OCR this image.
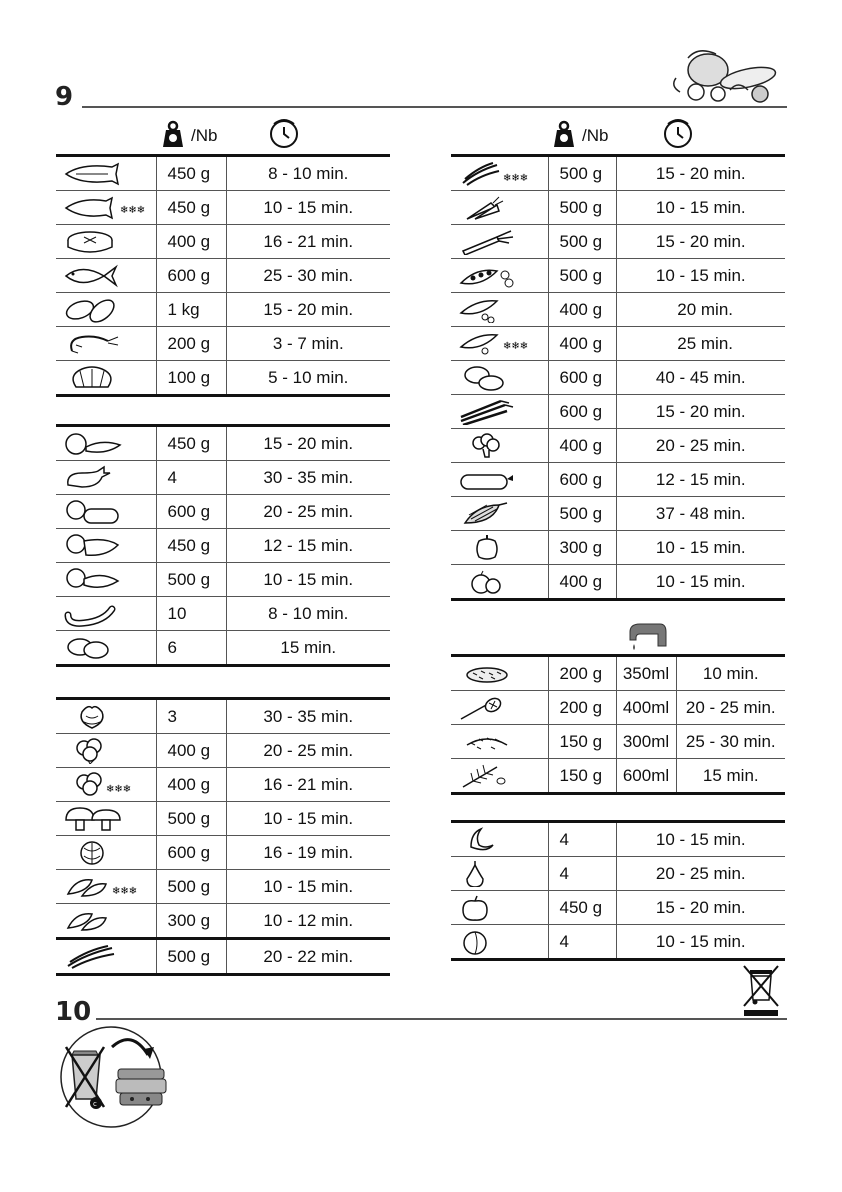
9
/Nb
	450 g	8 - 10 min.

❄❄❄	450 g	10 - 15 min.

	400 g	16 - 21 min.

	600 g	25 - 30 min.

	1 kg	15 - 20 min.

	200 g	3 - 7 min.

	100 g	5 - 10 min.
	450 g	15 - 20 min.

	4	30 - 35 min.

	600 g	20 - 25 min.

	450 g	12 - 15 min.

	500 g	10 - 15 min.

	10	8 - 10 min.

	6	15 min.
	3	30 - 35 min.

	400 g	20 - 25 min.

❄❄❄	400 g	16 - 21 min.

	500 g	10 - 15 min.

	600 g	16 - 19 min.

❄❄❄	500 g	10 - 15 min.

	300 g	10 - 12 min.

	500 g	20 - 22 min.
/Nb
❄❄❄	500 g	15 - 20 min.

	500 g	10 - 15 min.

	500 g	15 - 20 min.

	500 g	10 - 15 min.

	400 g	20 min.

❄❄❄	400 g	25 min.

	600 g	40 - 45 min.

	600 g	15 - 20 min.

	400 g	20 - 25 min.

	600 g	12 - 15 min.

	500 g	37 - 48 min.

	300 g	10 - 15 min.

	400 g	10 - 15 min.
	200 g	350ml	10 min.

	200 g	400ml	20 - 25 min.

	150 g	300ml	25 - 30 min.

	150 g	600ml	15 min.
	4	10 - 15 min.

	4	20 - 25 min.

	450 g	15 - 20 min.

	4	10 - 15 min.
10
c
